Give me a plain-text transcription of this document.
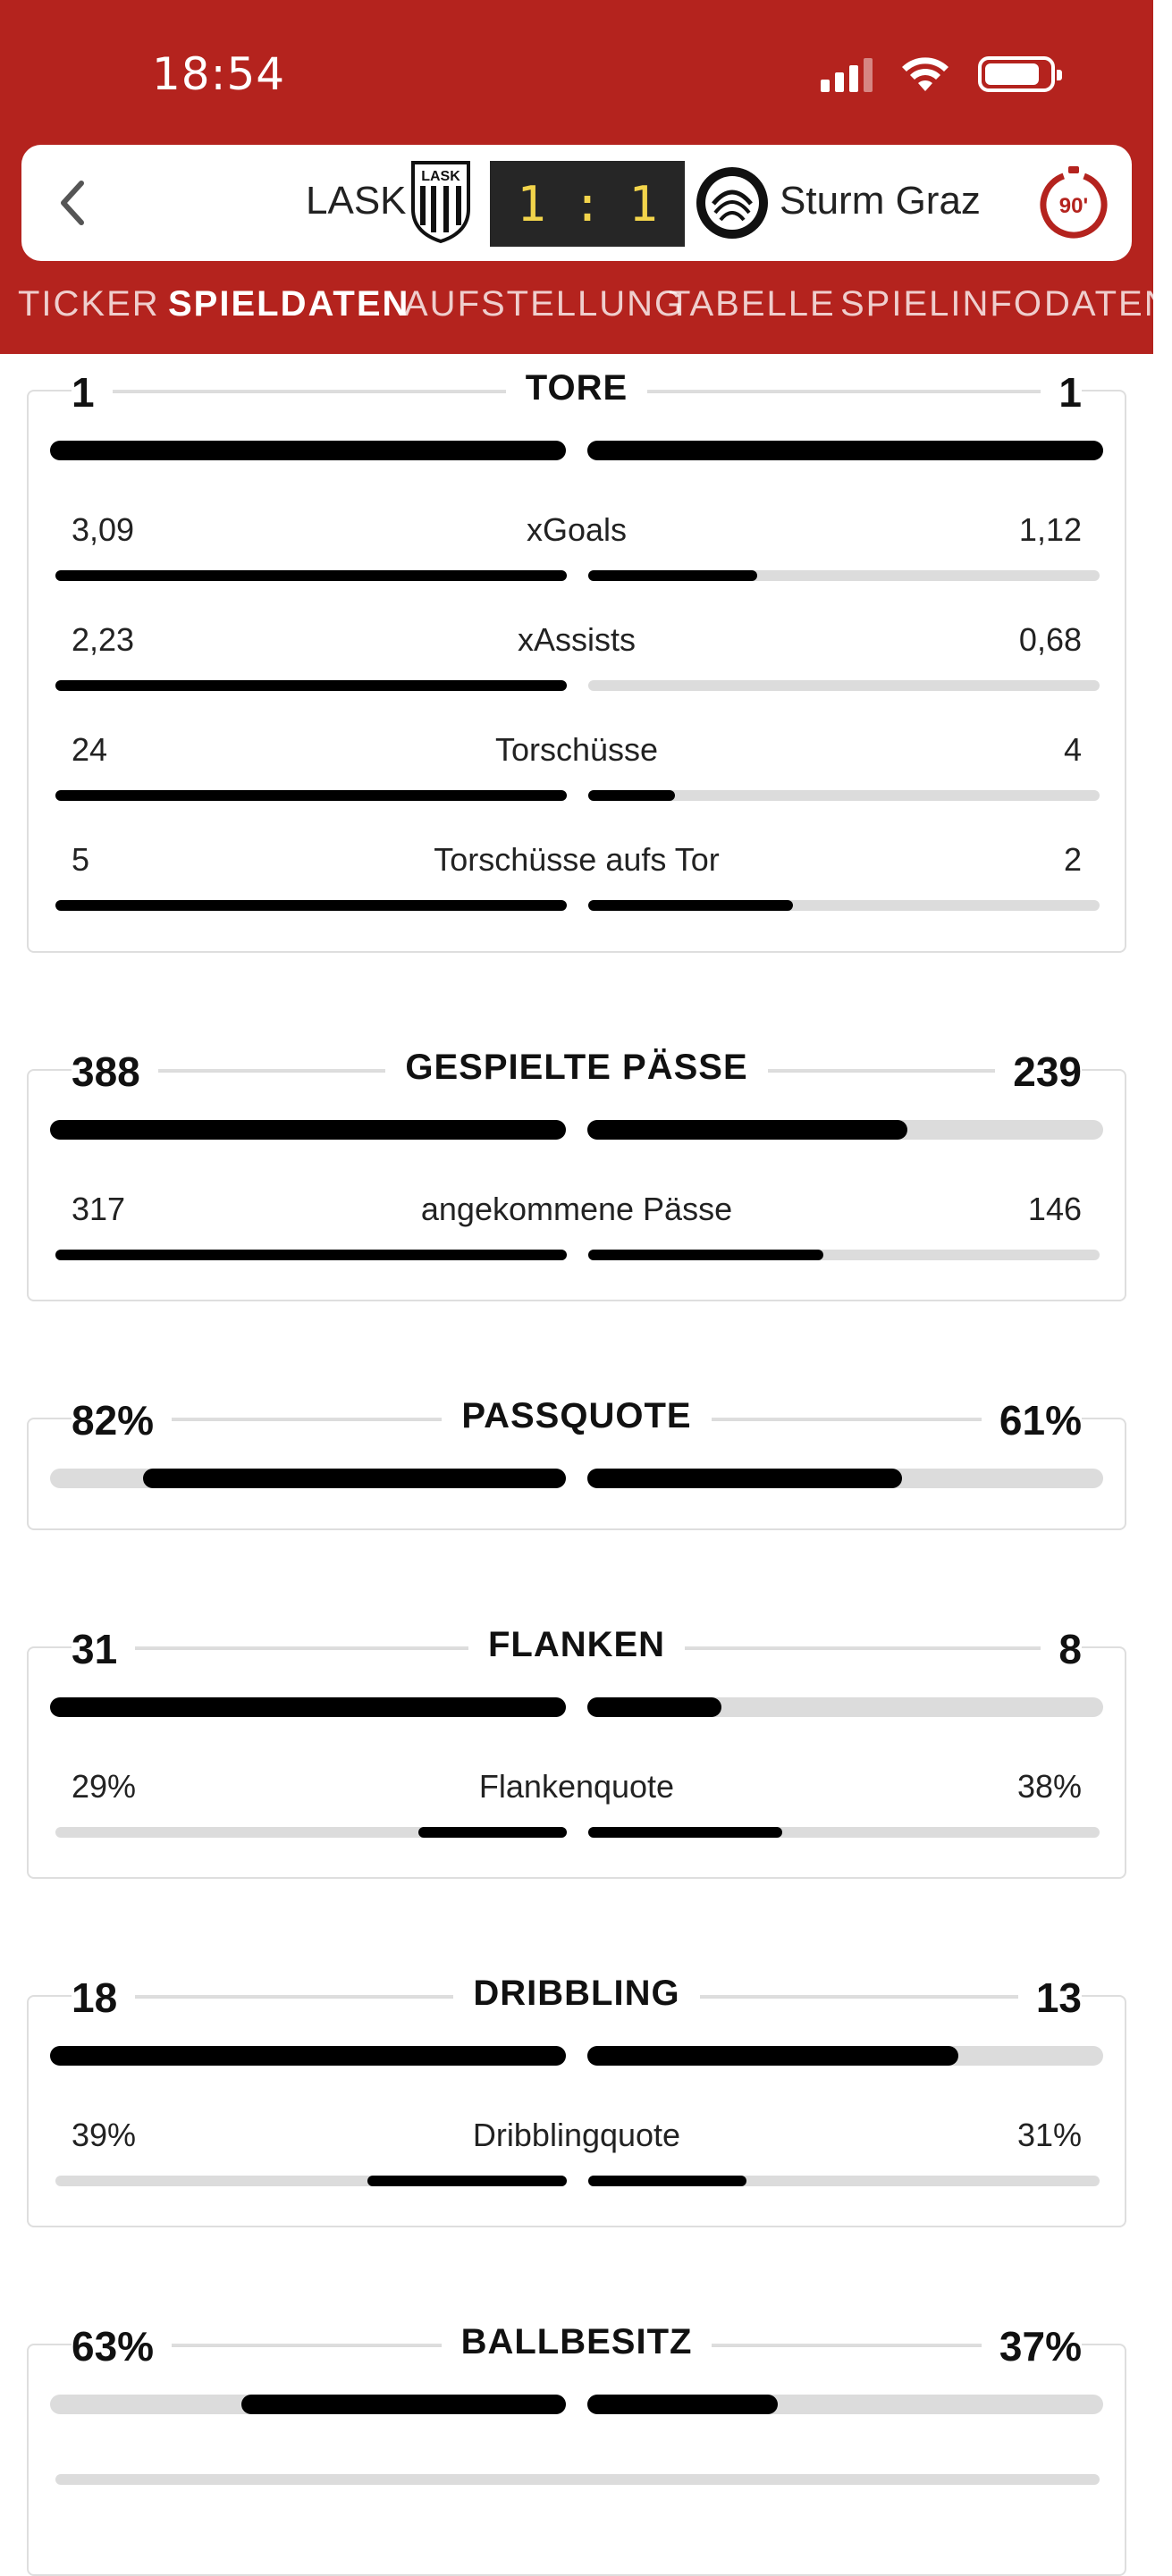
18:54
LASK
LASK 1 : 1	Sturm Graz	90'
TICKER SPIELDATEN
AUFSTELLUNG
TABELLE SPIELINFO DATEN
1	TORE	1
3,09	xGoals	1,12
2,23	xAssists	0,68
24	Torschüsse	4
5	Torschüsse aufs Tor	2
388	GESPIELTE PÄSSE	239
317	angekommene Pässe	146
82%	PASSQUOTE	61%
31	FLANKEN	8
29%	Flankenquote	38%
18	DRIBBLING	13
39%	Dribblingquote	31%
63%	BALLBESITZ	37%
